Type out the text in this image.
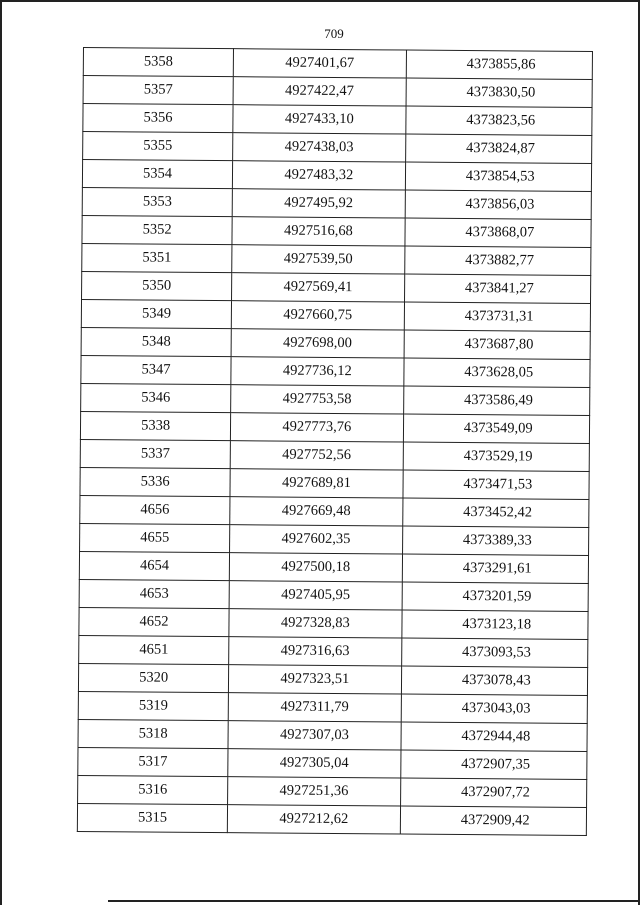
709
5358	4927401,67	4373855,86
5357	4927422,47	4373830,50
5356	4927433,10	4373823,56
5355	4927438,03	4373824,87
5354	4927483,32	4373854,53
5353	4927495,92	4373856,03
5352	4927516,68	4373868,07
5351	4927539,50	4373882,77
5350	4927569,41	4373841,27
5349	4927660,75	4373731,31
5348	4927698,00	4373687,80
5347	4927736,12	4373628,05
5346	4927753,58	4373586,49
5338	4927773,76	4373549,09
5337	4927752,56	4373529,19
5336	4927689,81	4373471,53
4656	4927669,48	4373452,42
4655	4927602,35	4373389,33
4654	4927500,18	4373291,61
4653	4927405,95	4373201,59
4652	4927328,83	4373123,18
4651	4927316,63	4373093,53
5320	4927323,51	4373078,43
5319	4927311,79	4373043,03
5318	4927307,03	4372944,48
5317	4927305,04	4372907,35
5316	4927251,36	4372907,72
5315	4927212,62	4372909,42
